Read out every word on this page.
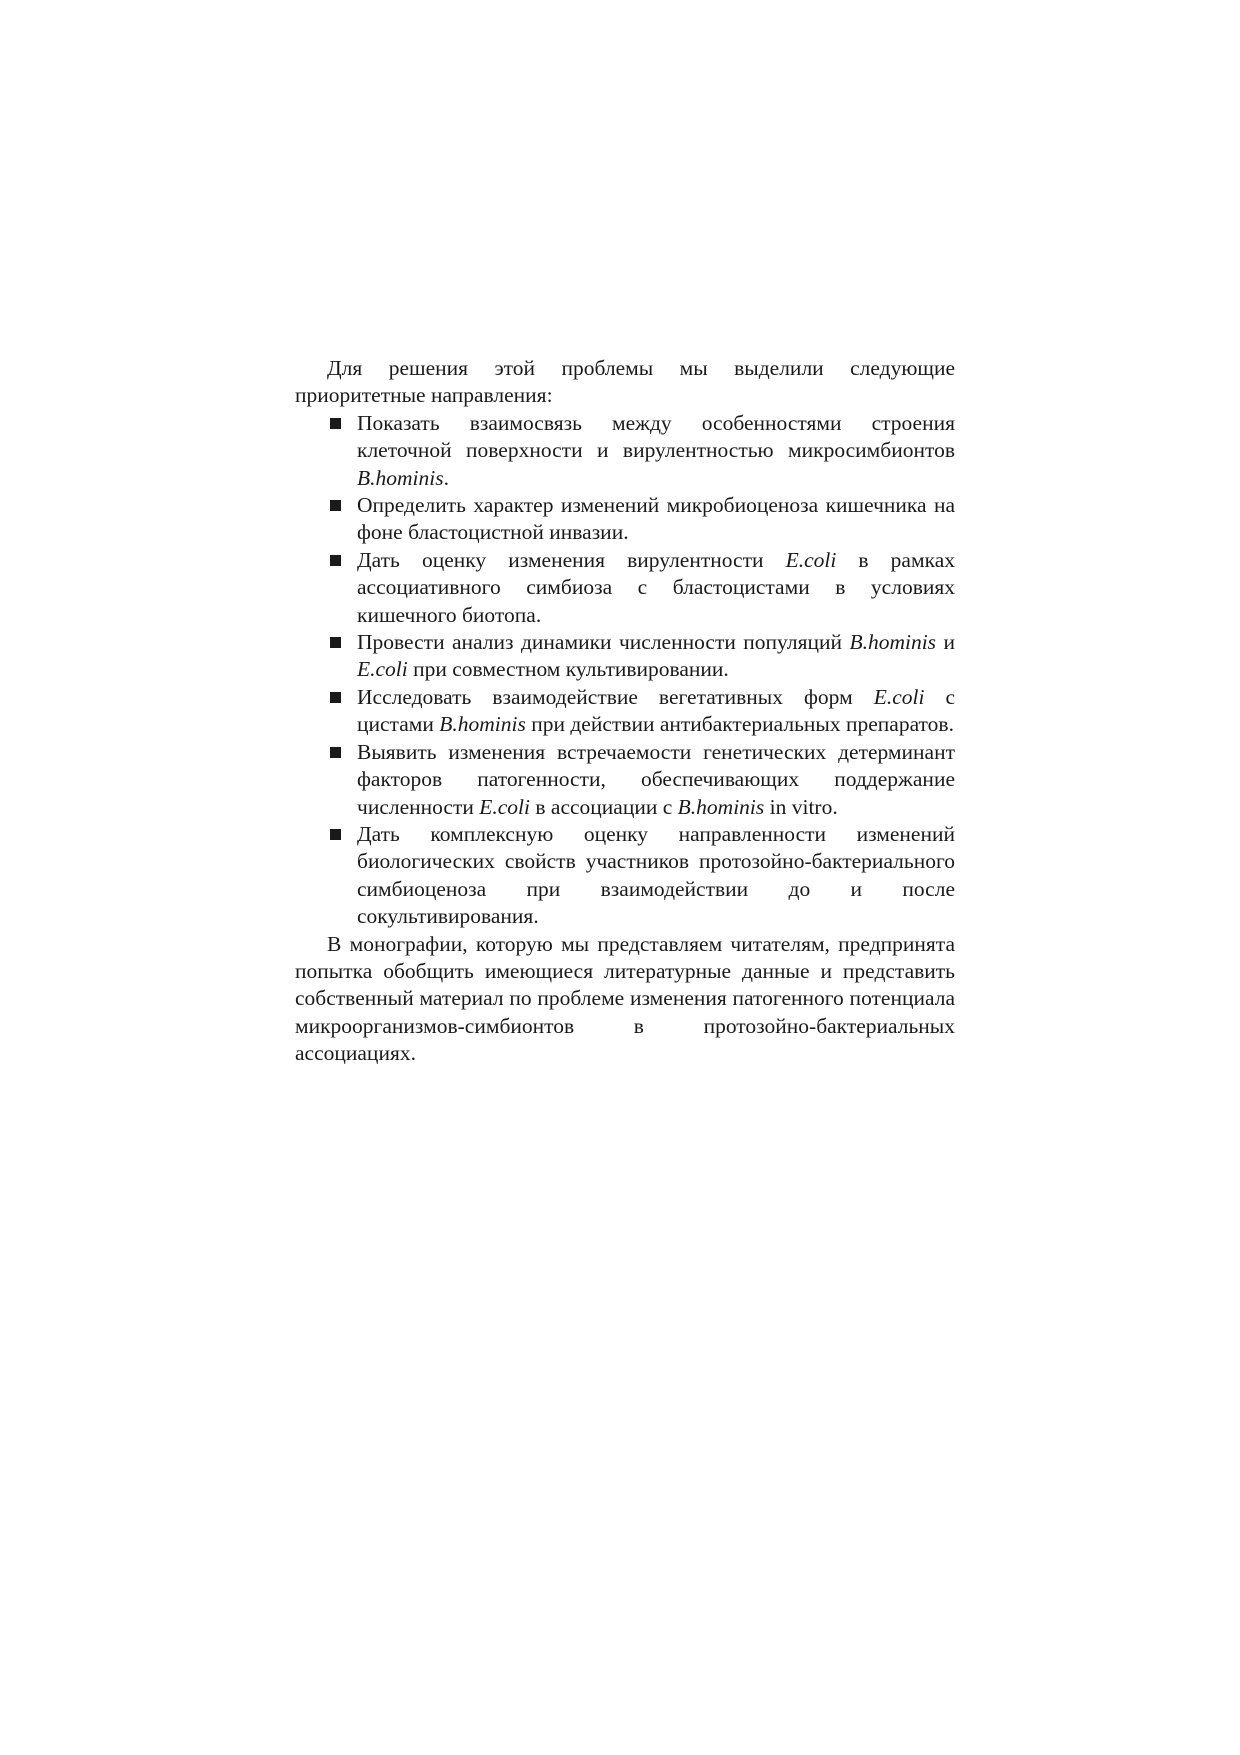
Для решения этой проблемы мы выделили следующие приоритетные направления:

Показать взаимосвязь между особенностями строения клеточной поверхности и вирулентностью микросимбионтов B.hominis.
Определить характер изменений микробиоценоза кишечника на фоне бластоцистной инвазии.
Дать оценку изменения вирулентности E.coli в рамках ассоциативного симбиоза с бластоцистами в условиях кишечного биотопа.
Провести анализ динамики численности популяций B.hominis и E.coli при совместном культивировании.
Исследовать взаимодействие вегетативных форм E.coli с цистами B.hominis при действии антибактериальных препаратов.
Выявить изменения встречаемости генетических детерминант факторов патогенности, обеспечивающих поддержание численности E.coli в ассоциации с B.hominis in vitro.
Дать комплексную оценку направленности изменений биологических свойств участников протозойно-бактериального симбиоценоза при взаимодействии до и после сокультивирования.

В монографии, которую мы представляем читателям, предпринята попытка обобщить имеющиеся литературные данные и представить собственный материал по проблеме изменения патогенного потенциала микроорганизмов-симбионтов в протозойно-бактериальных ассоциациях.
